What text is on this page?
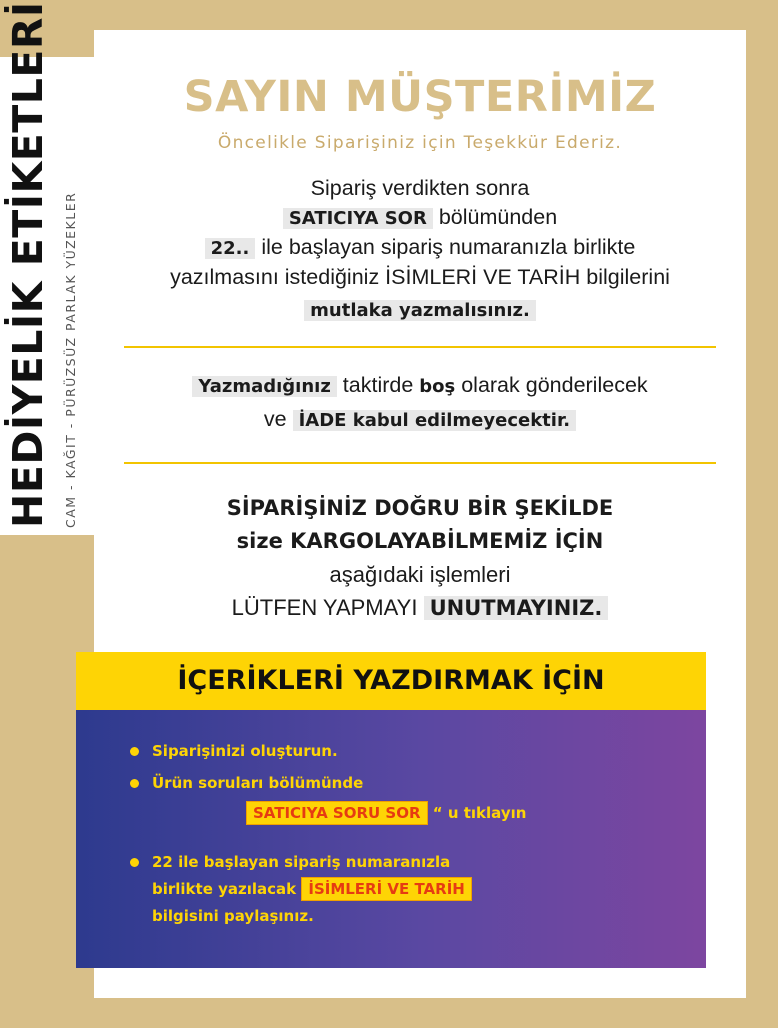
HEDİYELİK ETİKETLERİ CAM - KAĞIT - PÜRÜZSÜZ PARLAK YÜZEKLER
SAYIN MÜŞTERİMİZ
Öncelikle Siparişiniz için Teşekkür Ederiz.
Sipariş verdikten sonra
SATICIYA SOR bölümünden
22.. ile başlayan sipariş numaranızla birlikte
yazılmasını istediğiniz İSİMLERİ VE TARİH bilgilerini
mutlaka yazmalısınız.
Yazmadığınız taktirde boş olarak gönderilecek
ve İADE kabul edilmeyecektir.
SİPARİŞİNİZ DOĞRU BİR ŞEKİLDE
size KARGOLAYABİLMEMİZ İÇİN
aşağıdaki işlemleri
LÜTFEN YAPMAYI UNUTMAYINIZ.
İÇERİKLERİ YAZDIRMAK İÇİN
Siparişinizi oluşturun.
Ürün soruları bölümünde
SATICIYA SORU SOR “ u tıklayın
22 ile başlayan sipariş numaranızla
birlikte yazılacak İSİMLERİ VE TARİH
bilgisini paylaşınız.
